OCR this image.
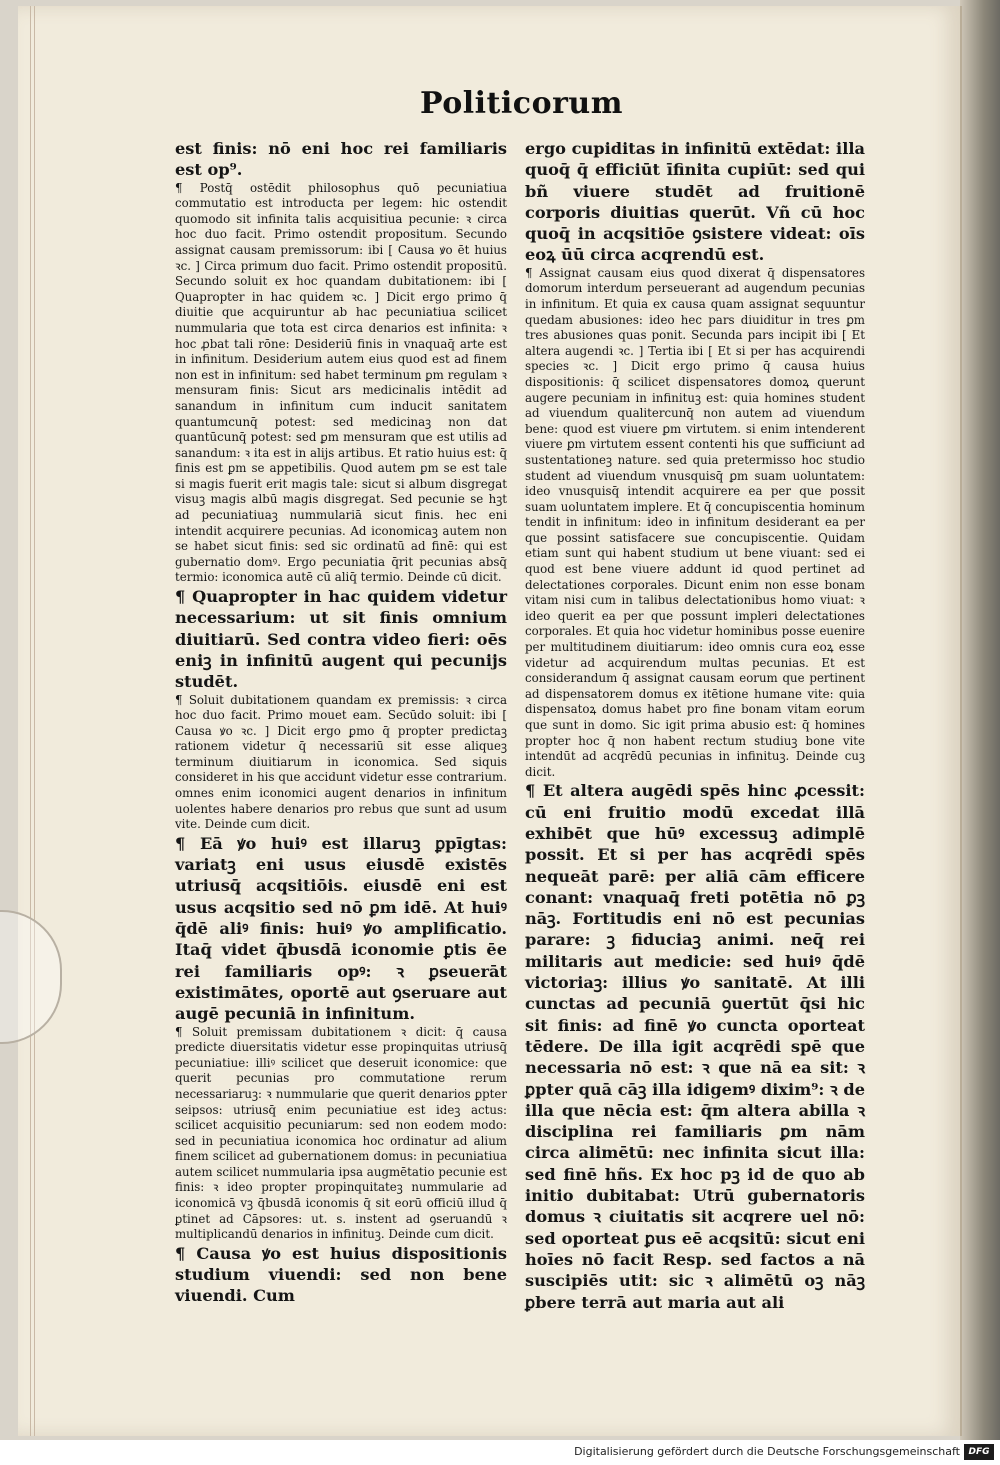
Politicorum

est finis: nō eni hoc rei familiaris est op⁹.

¶ Postq̄ ostēdit philosophus quō pecuniatiua commutatio est introducta per legem: hic ostendit quomodo sit infinita talis acquisitiua pecunie: ꝛ circa hoc duo facit. Primo ostendit propositum. Secundo assignat causam premissorum: ibi [ Causa ꝟo ēt huius ꝛc. ] Circa primum duo facit. Primo ostendit propositū. Secundo soluit ex hoc quandam dubitationem: ibi [ Quapropter in hac quidem ꝛc. ] Dicit ergo primo q̄ diuitie que acquiruntur ab hac pecuniatiua scilicet nummularia que tota est circa denarios est infinita: ꝛ hoc ꝓbat tali rōne: Desideriū finis in vnaquaq̄ arte est in infinitum. Desiderium autem eius quod est ad finem non est in infinitum: sed habet terminum ꝑm regulam ꝛ mensuram finis: Sicut ars medicinalis intēdit ad sanandum in infinitum cum inducit sanitatem quantumcunq̄ potest: sed medicinaꝫ non dat quantūcunq̄ potest: sed ꝑm mensuram que est utilis ad sanandum: ꝛ ita est in alijs artibus. Et ratio huius est: q̄ finis est ꝑm se appetibilis. Quod autem ꝑm se est tale si magis fuerit erit magis tale: sicut si album disgregat visuꝫ magis albū magis disgregat. Sed pecunie se hꝫt ad pecuniatiuaꝫ nummulariā sicut finis. hec eni intendit acquirere pecunias. Ad iconomicaꝫ autem non se habet sicut finis: sed sic ordinatū ad finē: qui est gubernatio domꝰ. Ergo pecuniatia q̄rit pecunias absq̄ termio: iconomica autē cū aliq̄ termio. Deinde cū dicit.

¶ Quapropter in hac quidem videtur necessarium: ut sit finis omnium diuitiarū. Sed contra video fieri: oēs eniꝫ in infinitū augent qui pecunijs studēt.

¶ Soluit dubitationem quandam ex premissis: ꝛ circa hoc duo facit. Primo mouet eam. Secūdo soluit: ibi [ Causa ꝟo ꝛc. ] Dicit ergo ꝑmo q̄ propter predictaꝫ rationem videtur q̄ necessariū sit esse aliqueꝫ terminum diuitiarum in iconomica. Sed siquis consideret in his que accidunt videtur esse contrarium. omnes enim iconomici augent denarios in infinitum uolentes habere denarios pro rebus que sunt ad usum vite. Deinde cum dicit.

¶ Eā ꝟo huiꝰ est illaruꝫ ꝑpīgtas: variatꝫ eni usus eiusdē existēs utriusq̄ acqsitiōis. eiusdē eni est usus acqsitio sed nō ꝑm idē. At huiꝰ q̄dē aliꝰ finis: huiꝰ ꝟo amplificatio. Itaq̄ videt q̄busdā iconomie ꝑtis ēe rei familiaris opꝰ: ꝛ ꝑseuerāt existimātes, oportē aut ꝯseruare aut augē pecuniā in infinitum.

¶ Soluit premissam dubitationem ꝛ dicit: q̄ causa predicte diuersitatis videtur esse propinquitas utriusq̄ pecuniatiue: illiꝰ scilicet que deseruit iconomice: que querit pecunias pro commutatione rerum necessariaruꝫ: ꝛ nummularie que querit denarios ꝑpter seipsos: utriusq̄ enim pecuniatiue est ideꝫ actus: scilicet acquisitio pecuniarum: sed non eodem modo: sed in pecuniatiua iconomica hoc ordinatur ad alium finem scilicet ad gubernationem domus: in pecuniatiua autem scilicet nummularia ipsa augmētatio pecunie est finis: ꝛ ideo propter propinquitateꝫ nummularie ad iconomicā vꝫ q̄busdā iconomis q̄ sit eorū officiū illud q̄ ꝑtinet ad Cāpsores: ut. s. instent ad ꝯseruandū ꝛ multiplicandū denarios in infinituꝫ. Deinde cum dicit.

¶ Causa ꝟo est huius dispositionis studium viuendi: sed non bene viuendi. Cum

ergo cupiditas in infinitū extēdat: illa quoq̄ q̄ efficiūt īfinita cupiūt: sed qui bñ viuere studēt ad fruitionē corporis diuitias querūt. Vñ cū hoc quoq̄ in acqsitiōe ꝯsistere videat: oīs eoꝝ ūū circa acqrendū est.

¶ Assignat causam eius quod dixerat q̄ dispensatores domorum interdum perseuerant ad augendum pecunias in infinitum. Et quia ex causa quam assignat sequuntur quedam abusiones: ideo hec pars diuiditur in tres ꝑm tres abusiones quas ponit. Secunda pars incipit ibi [ Et altera augendi ꝛc. ] Tertia ibi [ Et si per has acquirendi species ꝛc. ] Dicit ergo primo q̄ causa huius dispositionis: q̄ scilicet dispensatores domoꝝ querunt augere pecuniam in infinituꝫ est: quia homines student ad viuendum qualitercunq̄ non autem ad viuendum bene: quod est viuere ꝑm virtutem. si enim intenderent viuere ꝑm virtutem essent contenti his que sufficiunt ad sustentationeꝫ nature. sed quia pretermisso hoc studio student ad viuendum vnusquisq̄ ꝑm suam uoluntatem: ideo vnusquisq̄ intendit acquirere ea per que possit suam uoluntatem implere. Et q̄ concupiscentia hominum tendit in infinitum: ideo in infinitum desiderant ea per que possint satisfacere sue concupiscentie. Quidam etiam sunt qui habent studium ut bene viuant: sed ei quod est bene viuere addunt id quod pertinet ad delectationes corporales. Dicunt enim non esse bonam vitam nisi cum in talibus delectationibus homo viuat: ꝛ ideo querit ea per que possunt impleri delectationes corporales. Et quia hoc videtur hominibus posse euenire per multitudinem diuitiarum: ideo omnis cura eoꝝ esse videtur ad acquirendum multas pecunias. Et est considerandum q̄ assignat causam eorum que pertinent ad dispensatorem domus ex itētione humane vite: quia dispensatoꝝ domus habet pro fine bonam vitam eorum que sunt in domo. Sic igit prima abusio est: q̄ homines propter hoc q̄ non habent rectum studiuꝫ bone vite intendūt ad acqrēdū pecunias in infinituꝫ. Deinde cuꝫ dicit.

¶ Et altera augēdi spēs hinc ꝓcessit: cū eni fruitio modū excedat illā exhibēt que hūꝰ excessuꝫ adimplē possit. Et si per has acqrēdi spēs nequeāt parē: per aliā cām efficere conant: vnaquaq̄ freti potētia nō ꝑꝫ nāꝫ. Fortitudis eni nō est pecunias parare: ꝫ fiduciaꝫ animi. neq̄ rei militaris aut medicie: sed huiꝰ q̄dē victoriaꝫ: illius ꝟo sanitatē. At illi cunctas ad pecuniā ꝯuertūt q̄si hic sit finis: ad finē ꝟo cuncta oporteat tēdere. De illa igit acqrēdi spē que necessaria nō est: ꝛ que nā ea sit: ꝛ ꝑpter quā cāꝫ illa idigemꝰ dixim⁹: ꝛ de illa que nēcia est: q̄m altera abilla ꝛ disciplina rei familiaris ꝑm nām circa alimētū: nec infinita sicut illa: sed finē hñs. Ex hoc pꝫ id de quo ab initio dubitabat: Utrū gubernatoris domus ꝛ ciuitatis sit acqrere uel nō: sed oporteat ꝑus eē acqsitū: sicut eni hoīes nō facit Resp. sed factos a nā suscipiēs utit: sic ꝛ alimētū oꝫ nāꝫ ꝑbere terrā aut maria aut ali

Digitalisierung gefördert durch die Deutsche Forschungsgemeinschaft DFG
